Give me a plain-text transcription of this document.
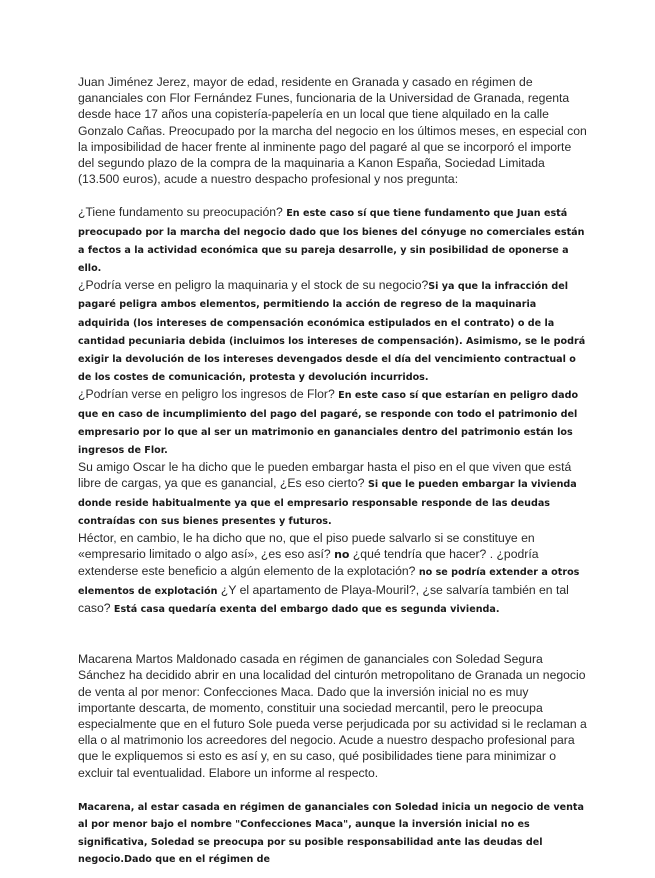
Juan Jiménez Jerez, mayor de edad, residente en Granada y casado en régimen de gananciales con Flor Fernández Funes, funcionaria de la Universidad de Granada, regenta desde hace 17 años una copistería-papelería en un local que tiene alquilado en la calle Gonzalo Cañas. Preocupado por la marcha del negocio en los últimos meses, en especial con la imposibilidad de hacer frente al inminente pago del pagaré al que se incorporó el importe del segundo plazo de la compra de la maquinaria a Kanon España, Sociedad Limitada (13.500 euros), acude a nuestro despacho profesional y nos pregunta:

¿Tiene fundamento su preocupación? En este caso sí que tiene fundamento que Juan está preocupado por la marcha del negocio dado que los bienes del cónyuge no comerciales están a fectos a la actividad económica que su pareja desarrolle, y sin posibilidad de oponerse a ello.

¿Podría verse en peligro la maquinaria y el stock de su negocio?Si ya que la infracción del pagaré peligra ambos elementos, permitiendo la acción de regreso de la maquinaria adquirida (los intereses de compensación económica estipulados en el contrato) o de la cantidad pecuniaria debida (incluimos los intereses de compensación). Asimismo, se le podrá exigir la devolución de los intereses devengados desde el día del vencimiento contractual o de los costes de comunicación, protesta y devolución incurridos.

¿Podrían verse en peligro los ingresos de Flor? En este caso sí que estarían en peligro dado que en caso de incumplimiento del pago del pagaré, se responde con todo el patrimonio del empresario por lo que al ser un matrimonio en gananciales dentro del patrimonio están los ingresos de Flor.

Su amigo Oscar le ha dicho que le pueden embargar hasta el piso en el que viven que está libre de cargas, ya que es ganancial, ¿Es eso cierto? Si que le pueden embargar la vivienda donde reside habitualmente ya que el empresario responsable responde de las deudas contraídas con sus bienes presentes y futuros.

Héctor, en cambio, le ha dicho que no, que el piso puede salvarlo si se constituye en «empresario limitado o algo así», ¿es eso así? no ¿qué tendría que hacer? . ¿podría extenderse este beneficio a algún elemento de la explotación? no se podría extender a otros elementos de explotación ¿Y el apartamento de Playa-Mouril?, ¿se salvaría también en tal caso? Está casa quedaría exenta del embargo dado que es segunda vivienda.

Macarena Martos Maldonado casada en régimen de gananciales con Soledad Segura Sánchez ha decidido abrir en una localidad del cinturón metropolitano de Granada un negocio de venta al por menor: Confecciones Maca. Dado que la inversión inicial no es muy importante descarta, de momento, constituir una sociedad mercantil, pero le preocupa especialmente que en el futuro Sole pueda verse perjudicada por su actividad si le reclaman a ella o al matrimonio los acreedores del negocio. Acude a nuestro despacho profesional para que le expliquemos si esto es así y, en su caso, qué posibilidades tiene para minimizar o excluir tal eventualidad. Elabore un informe al respecto.

Macarena, al estar casada en régimen de gananciales con Soledad inicia un negocio de venta al por menor bajo el nombre "Confecciones Maca", aunque la inversión inicial no es significativa, Soledad se preocupa por su posible responsabilidad ante las deudas del negocio.Dado que en el régimen de
